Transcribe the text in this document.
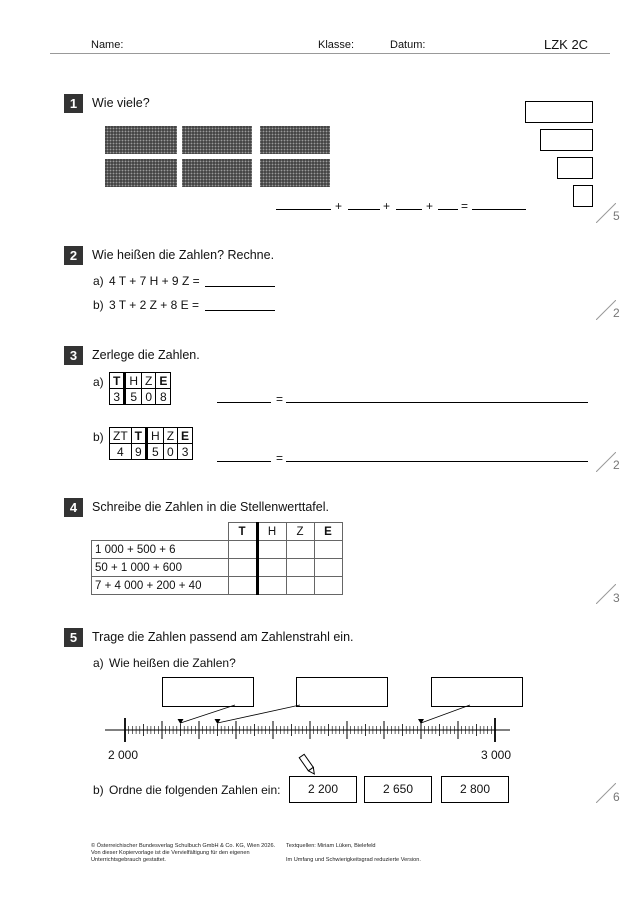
Name:	Klasse:	Datum:	LZK 2C
1	Wie viele?
+	+	+ =
2	Wie heißen die Zahlen? Rechne.
a) 4 T + 7 H + 9 Z =
b) 3 T + 2 Z + 8 E =
3	Zerlege die Zahlen.
a) T	H	Z	E
3	5	0	8	=
b) ZT	T	H	Z	E
4	9	5	0	3	=
4	Schreibe die Zahlen in die Stellenwerttafel.
	T	H	Z	E
1 000 + 500 + 6				
50 + 1 000 + 600				
7 + 4 000 + 200 + 40				
5	Trage die Zahlen passend am Zahlenstrahl ein.
a) Wie heißen die Zahlen?
2 000	3 000
b) Ordne die folgenden Zahlen ein:	2 200	2 650	2 800
5
2
2
3
6
© Österreichischer Bundesverlag Schulbuch GmbH & Co. KG, Wien 2026.
Von dieser Kopiervorlage ist die Vervielfältigung für den eigenen
Unterrichtsgebrauch gestattet.
Textquellen: Miriam Lüken, Bielefeld
Im Umfang und Schwierigkeitsgrad reduzierte Version.
